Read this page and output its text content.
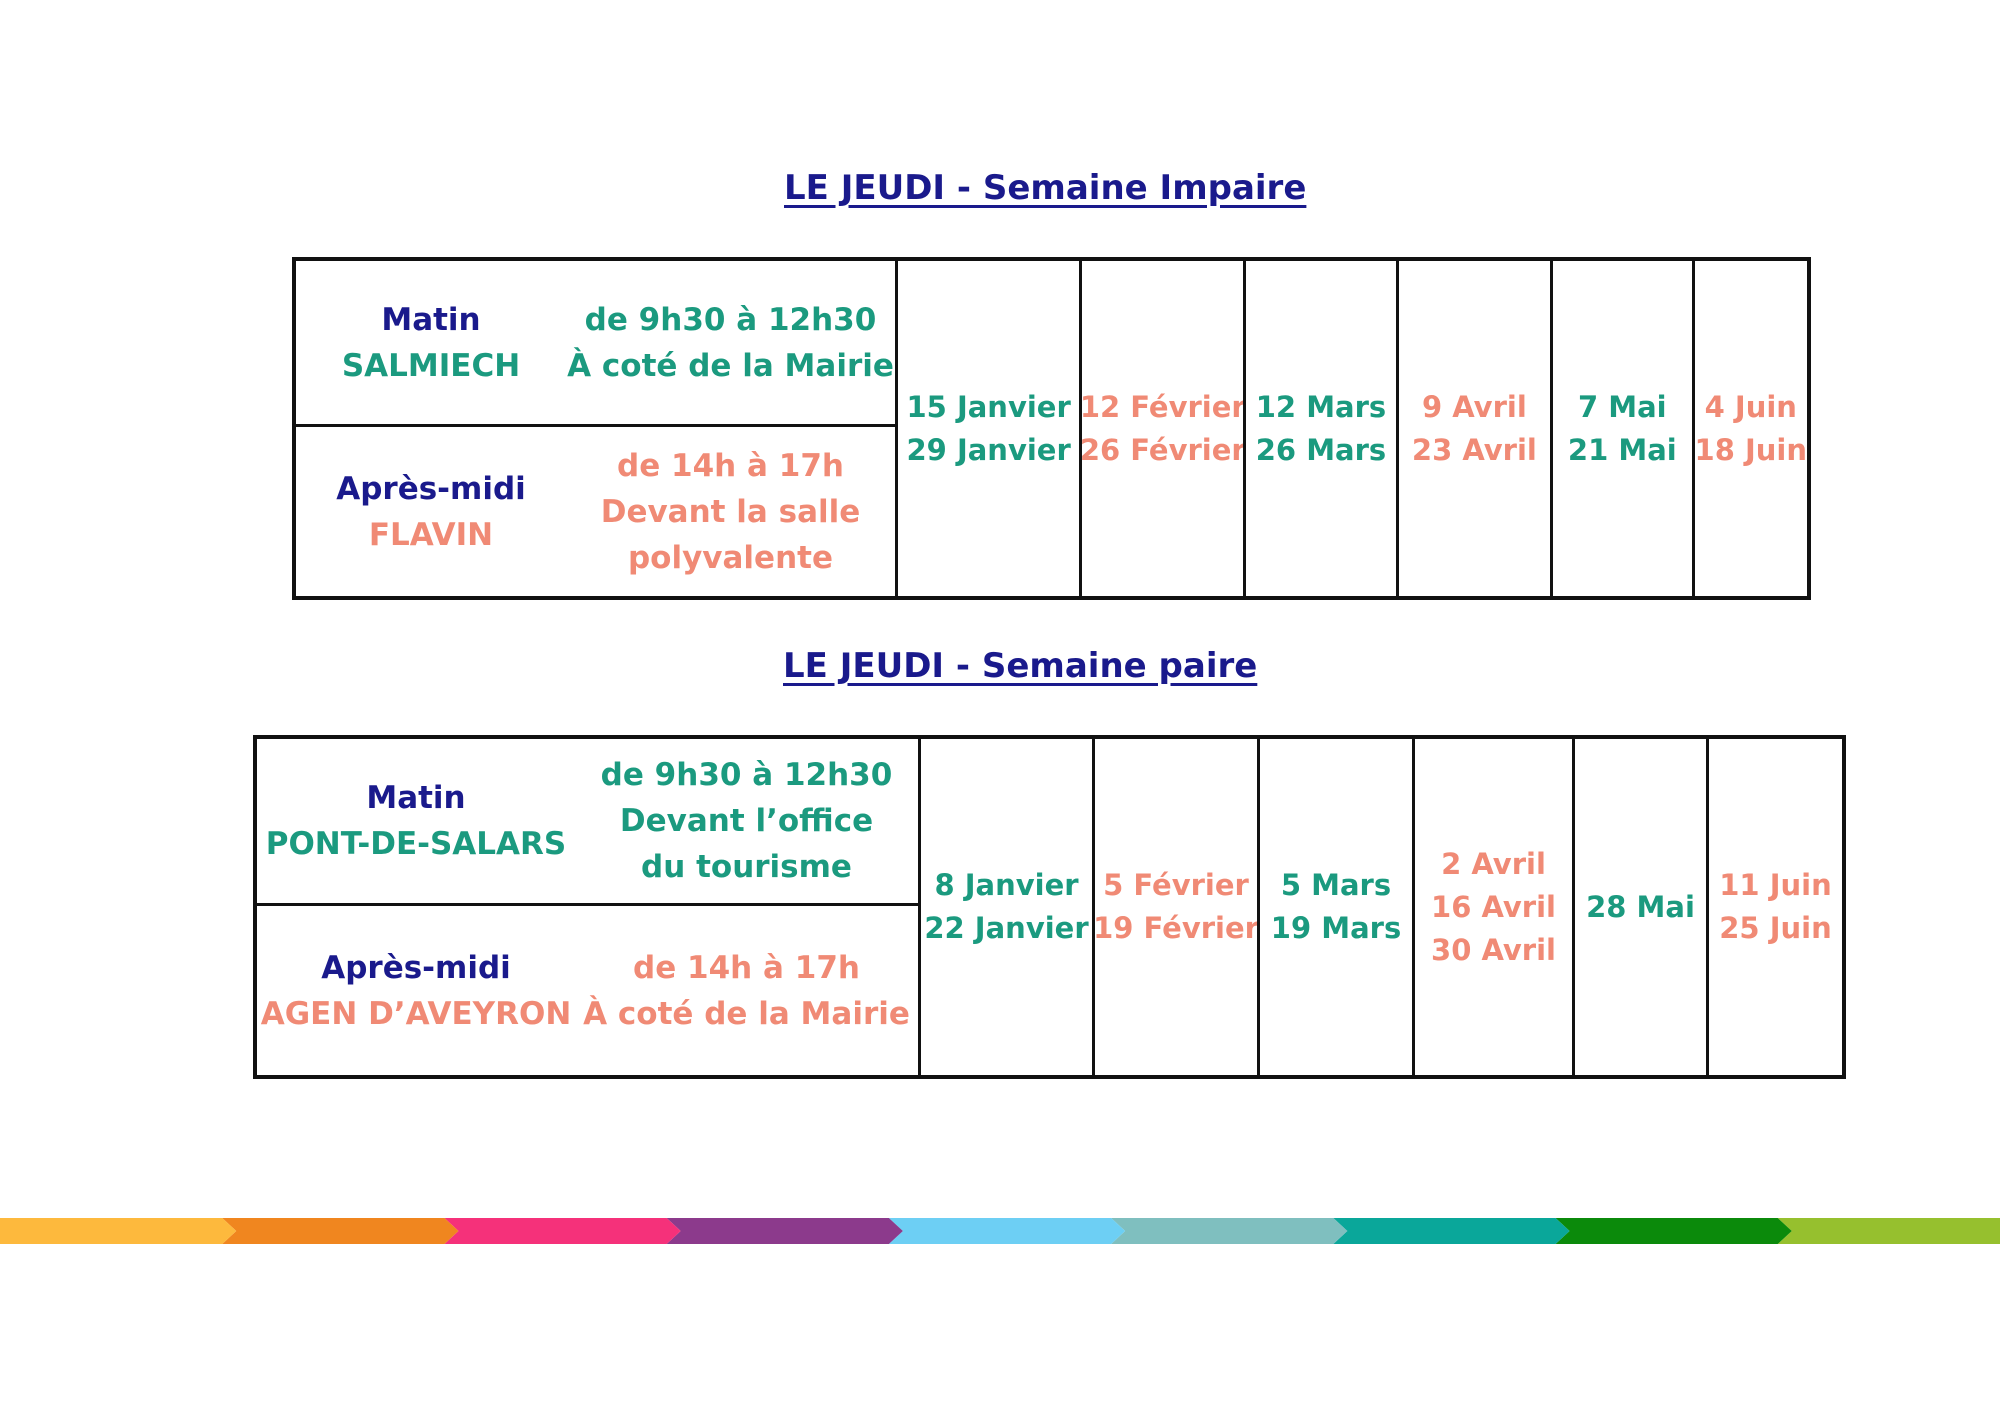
LE JEUDI - Semaine Impaire
Matin
SALMIECH
de 9h30 à 12h30
À coté de la Mairie
Après-midi
FLAVIN
de 14h à 17h
Devant la salle
polyvalente
15 Janvier
29 Janvier
12 Février
26 Février
12 Mars
26 Mars
9 Avril
23 Avril
7 Mai
21 Mai
4 Juin
18 Juin
LE JEUDI - Semaine paire
Matin
PONT-DE-SALARS
de 9h30 à 12h30
Devant l’office
du tourisme
Après-midi
AGEN D’AVEYRON
de 14h à 17h
À coté de la Mairie
8 Janvier
22 Janvier
5 Février
19 Février
5 Mars
19 Mars
2 Avril
16 Avril
30 Avril
28 Mai
11 Juin
25 Juin
